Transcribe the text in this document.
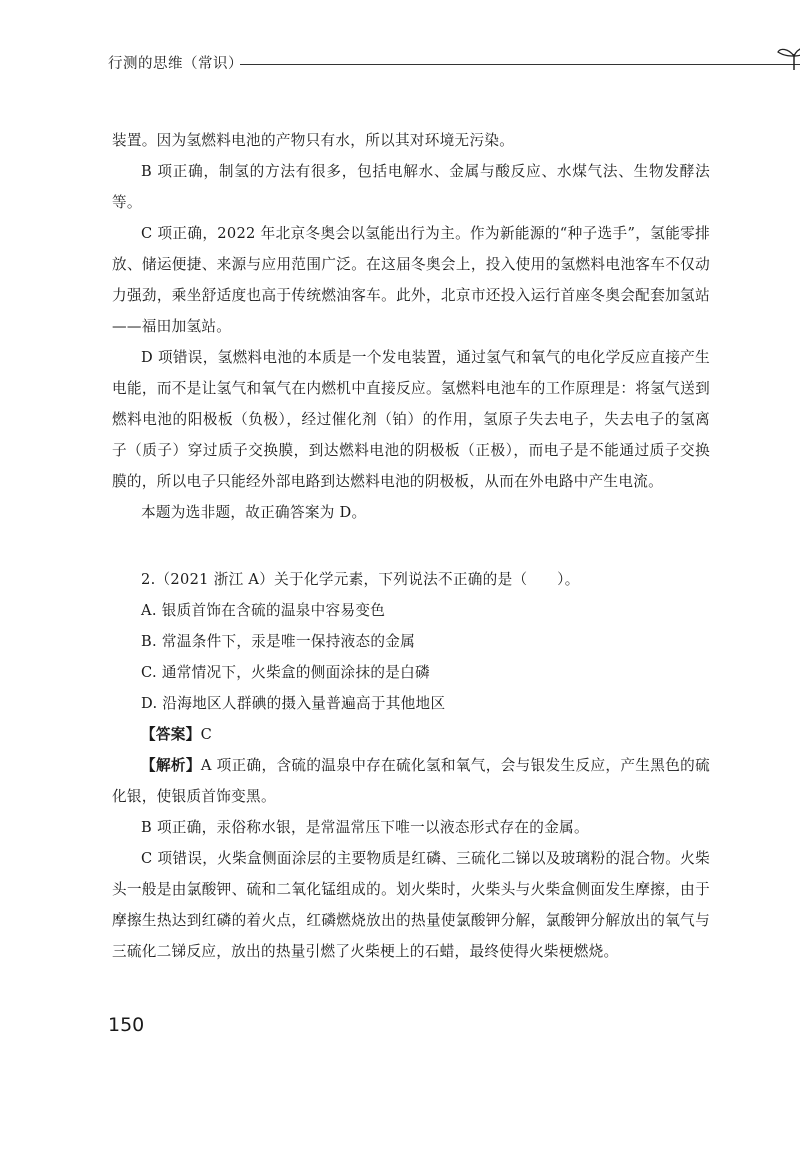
行测的思维（常识）

装置。因为氢燃料电池的产物只有水，所以其对环境无污染。

B 项正确，制氢的方法有很多，包括电解水、金属与酸反应、水煤气法、生物发酵法等。

C 项正确，2022 年北京冬奥会以氢能出行为主。作为新能源的“种子选手”，氢能零排放、储运便捷、来源与应用范围广泛。在这届冬奥会上，投入使用的氢燃料电池客车不仅动力强劲，乘坐舒适度也高于传统燃油客车。此外，北京市还投入运行首座冬奥会配套加氢站——福田加氢站。

D 项错误，氢燃料电池的本质是一个发电装置，通过氢气和氧气的电化学反应直接产生电能，而不是让氢气和氧气在内燃机中直接反应。氢燃料电池车的工作原理是：将氢气送到燃料电池的阳极板（负极），经过催化剂（铂）的作用，氢原子失去电子，失去电子的氢离子（质子）穿过质子交换膜，到达燃料电池的阴极板（正极），而电子是不能通过质子交换膜的，所以电子只能经外部电路到达燃料电池的阴极板，从而在外电路中产生电流。

本题为选非题，故正确答案为 D。

2.（2021 浙江 A）关于化学元素，下列说法不正确的是（　　）。

A. 银质首饰在含硫的温泉中容易变色

B. 常温条件下，汞是唯一保持液态的金属

C. 通常情况下，火柴盒的侧面涂抹的是白磷

D. 沿海地区人群碘的摄入量普遍高于其他地区

【答案】C

【解析】A 项正确，含硫的温泉中存在硫化氢和氧气，会与银发生反应，产生黑色的硫化银，使银质首饰变黑。

B 项正确，汞俗称水银，是常温常压下唯一以液态形式存在的金属。

C 项错误，火柴盒侧面涂层的主要物质是红磷、三硫化二锑以及玻璃粉的混合物。火柴头一般是由氯酸钾、硫和二氧化锰组成的。划火柴时，火柴头与火柴盒侧面发生摩擦，由于摩擦生热达到红磷的着火点，红磷燃烧放出的热量使氯酸钾分解，氯酸钾分解放出的氧气与三硫化二锑反应，放出的热量引燃了火柴梗上的石蜡，最终使得火柴梗燃烧。

150
